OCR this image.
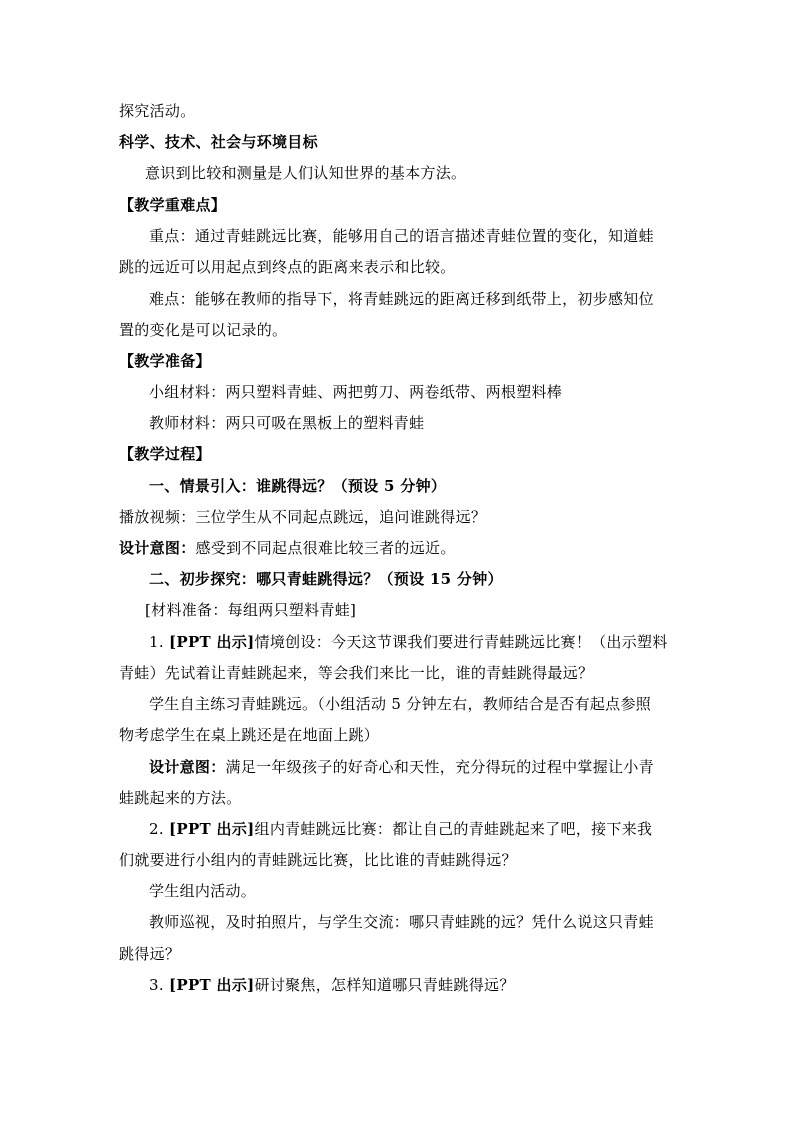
探究活动。
科学、技术、社会与环境目标
意识到比较和测量是人们认知世界的基本方法。
【教学重难点】
重点：通过青蛙跳远比赛，能够用自己的语言描述青蛙位置的变化，知道蛙
跳的远近可以用起点到终点的距离来表示和比较。
难点：能够在教师的指导下，将青蛙跳远的距离迁移到纸带上，初步感知位
置的变化是可以记录的。
【教学准备】
小组材料：两只塑料青蛙、两把剪刀、两卷纸带、两根塑料棒
教师材料：两只可吸在黑板上的塑料青蛙
【教学过程】
一、情景引入：谁跳得远？（预设 5 分钟）
播放视频：三位学生从不同起点跳远，追问谁跳得远？
设计意图：感受到不同起点很难比较三者的远近。
二、初步探究：哪只青蛙跳得远？（预设 15 分钟）
[材料准备：每组两只塑料青蛙]
1. [PPT 出示]情境创设：今天这节课我们要进行青蛙跳远比赛！（出示塑料
青蛙）先试着让青蛙跳起来，等会我们来比一比，谁的青蛙跳得最远？
学生自主练习青蛙跳远。（小组活动 5 分钟左右，教师结合是否有起点参照
物考虑学生在桌上跳还是在地面上跳）
设计意图：满足一年级孩子的好奇心和天性，充分得玩的过程中掌握让小青
蛙跳起来的方法。
2. [PPT 出示]组内青蛙跳远比赛：都让自己的青蛙跳起来了吧，接下来我
们就要进行小组内的青蛙跳远比赛，比比谁的青蛙跳得远？
学生组内活动。
教师巡视，及时拍照片，与学生交流：哪只青蛙跳的远？凭什么说这只青蛙
跳得远？
3. [PPT 出示]研讨聚焦，怎样知道哪只青蛙跳得远？
